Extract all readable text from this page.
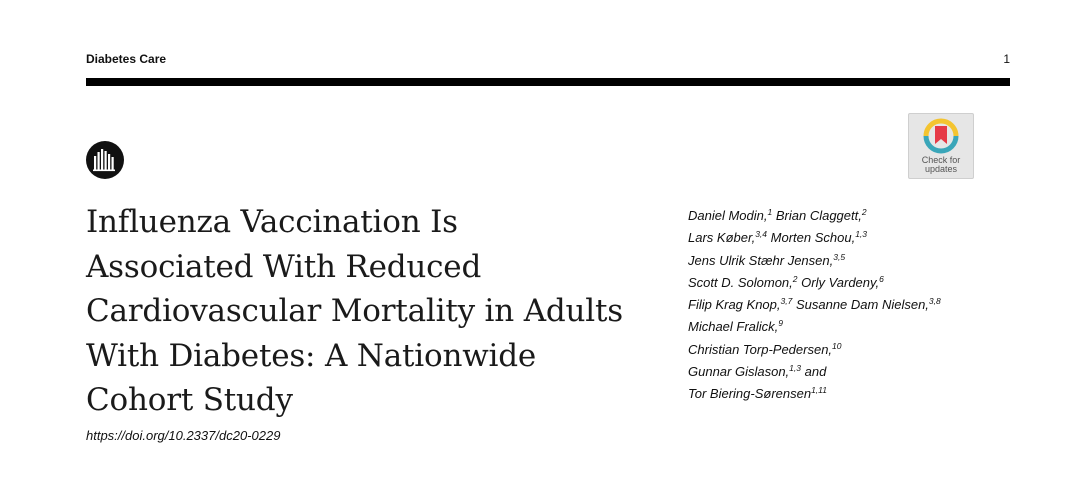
Diabetes Care	1
Check for
updates
Influenza Vaccination Is
Associated With Reduced
Cardiovascular Mortality in Adults
With Diabetes: A Nationwide
Cohort Study
https://doi.org/10.2337/dc20-0229
Daniel Modin,$^1$ Brian Claggett,$^2$
Lars Køber,$^{3,4}$ Morten Schou,$^{1,3}$
Jens Ulrik Stæhr Jensen,$^{3,5}$
Scott D. Solomon,$^2$ Orly Vardeny,$^6$
Filip Krag Knop,$^{3,7}$ Susanne Dam Nielsen,$^{3,8}$
Michael Fralick,$^9$
Christian Torp-Pedersen,$^{10}$
Gunnar Gislason,$^{1,3}$ and
Tor Biering-Sørensen$^{1,11}$
